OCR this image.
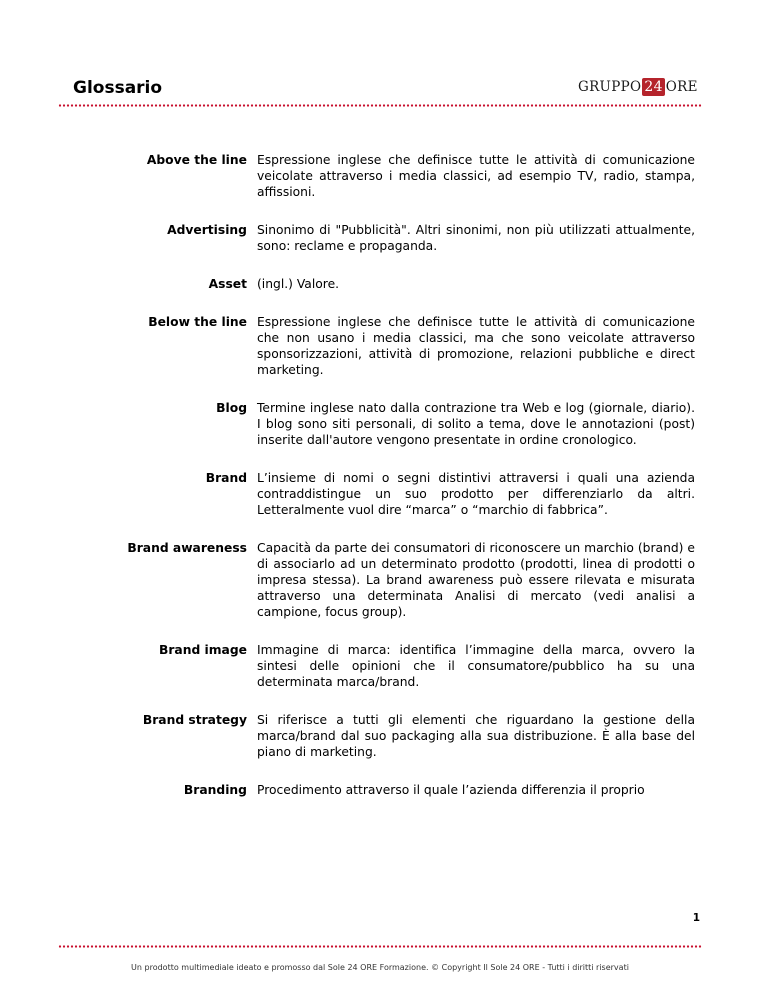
Glossario	GRUPPO 24 ORE
Above the line Espressione inglese che definisce tutte le attività di comunicazione veicolate attraverso i media classici, ad esempio TV, radio, stampa, affissioni.
Advertising Sinonimo di "Pubblicità". Altri sinonimi, non più utilizzati attualmente, sono: reclame e propaganda.
Asset (ingl.) Valore.
Below the line Espressione inglese che definisce tutte le attività di comunicazione che non usano i media classici, ma che sono veicolate attraverso sponsorizzazioni, attività di promozione, relazioni pubbliche e direct marketing.
Blog Termine inglese nato dalla contrazione tra Web e log (giornale, diario). I blog sono siti personali, di solito a tema, dove le annotazioni (post) inserite dall'autore vengono presentate in ordine cronologico.
Brand L’insieme di nomi o segni distintivi attraversi i quali una azienda contraddistingue un suo prodotto per differenziarlo da altri. Letteralmente vuol dire “marca” o “marchio di fabbrica”.
Brand awareness Capacità da parte dei consumatori di riconoscere un marchio (brand) e di associarlo ad un determinato prodotto (prodotti, linea di prodotti o impresa stessa). La brand awareness può essere rilevata e misurata attraverso una determinata Analisi di mercato (vedi analisi a campione, focus group).
Brand image Immagine di marca: identifica l’immagine della marca, ovvero la sintesi delle opinioni che il consumatore/pubblico ha su una determinata marca/brand.
Brand strategy Si riferisce a tutti gli elementi che riguardano la gestione della marca/brand dal suo packaging alla sua distribuzione. È alla base del piano di marketing.
Branding Procedimento attraverso il quale l’azienda differenzia il proprio
1
Un prodotto multimediale ideato e promosso dal Sole 24 ORE Formazione. © Copyright Il Sole 24 ORE - Tutti i diritti riservati
